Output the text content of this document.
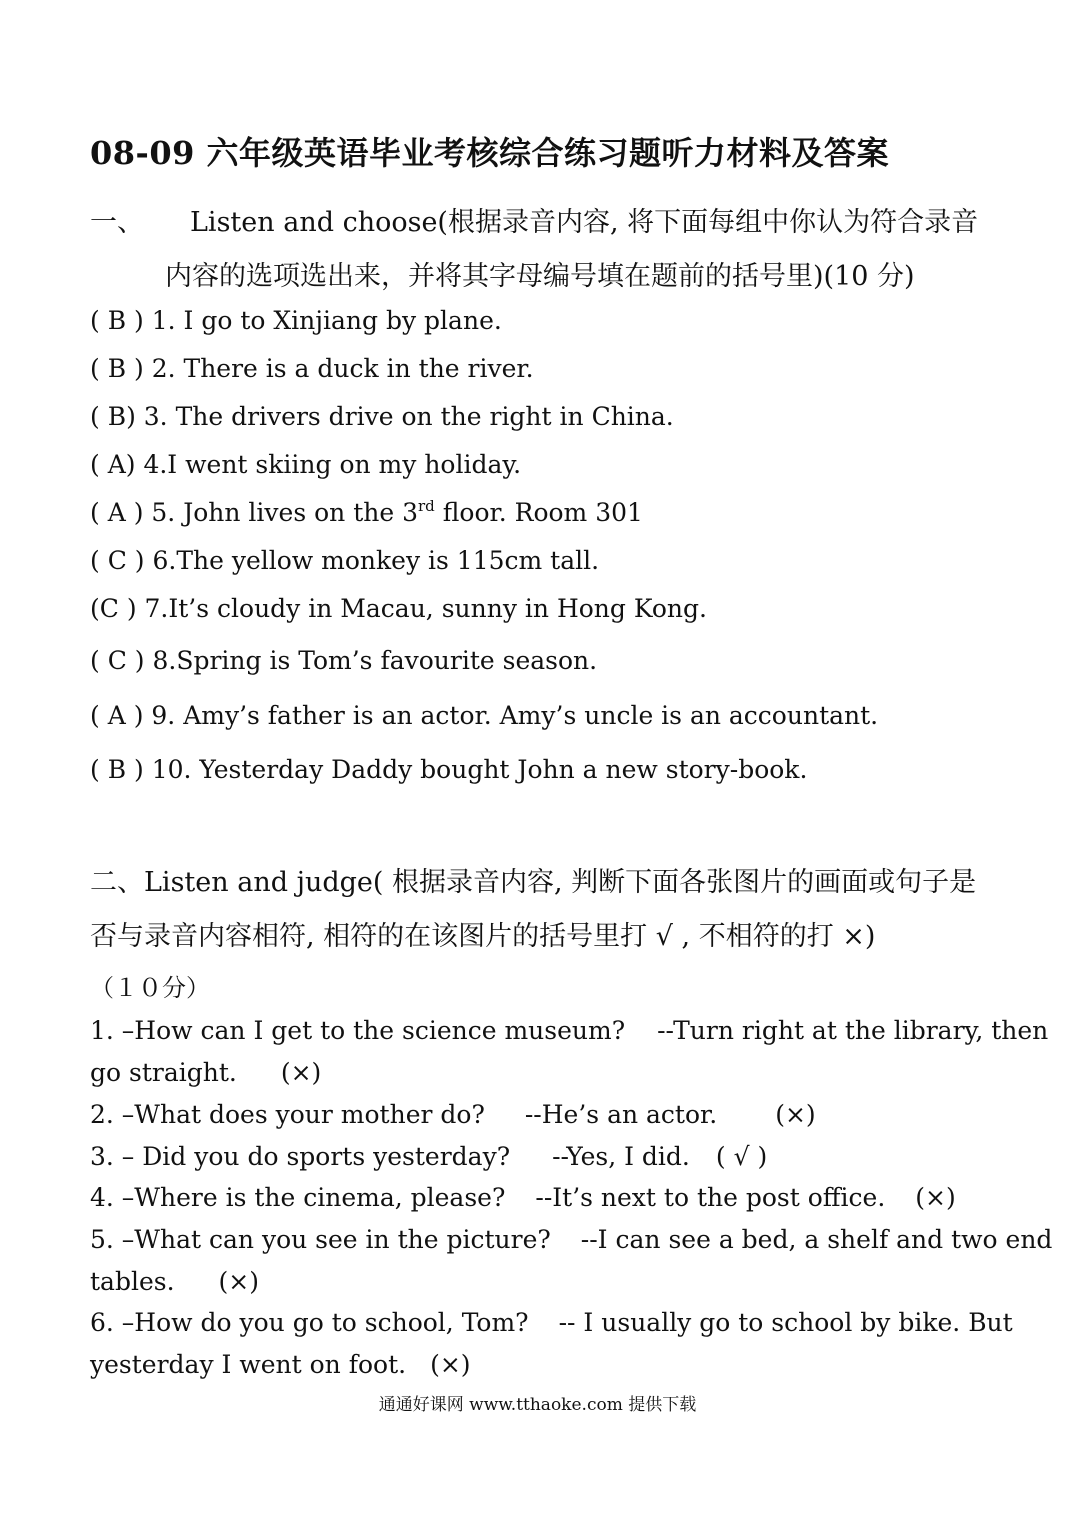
08-09 六年级英语毕业考核综合练习题听力材料及答案
一、 Listen and choose(根据录音内容, 将下面每组中你认为符合录音
内容的选项选出来，并将其字母编号填在题前的括号里)(10 分)
( B ) 1. I go to Xinjiang by plane.
( B ) 2. There is a duck in the river.
( B) 3. The drivers drive on the right in China.
( A) 4.I went skiing on my holiday.
( A ) 5. John lives on the 3rd floor. Room 301
( C ) 6.The yellow monkey is 115cm tall.
(C ) 7.It’s cloudy in Macau, sunny in Hong Kong.
( C ) 8.Spring is Tom’s favourite season.
( A ) 9. Amy’s father is an actor. Amy’s uncle is an accountant.
( B ) 10. Yesterday Daddy bought John a new story-book.
二、Listen and judge( 根据录音内容, 判断下面各张图片的画面或句子是
否与录音内容相符, 相符的在该图片的括号里打 √ , 不相符的打 ×)
（１０分）
1. –How can I get to the science museum? --Turn right at the library, then
go straight. (×)
2. –What does your mother do? --He’s an actor. (×)
3. – Did you do sports yesterday? --Yes, I did. ( √ )
4. –Where is the cinema, please? --It’s next to the post office. (×)
5. –What can you see in the picture? --I can see a bed, a shelf and two end
tables. (×)
6. –How do you go to school, Tom? -- I usually go to school by bike. But
yesterday I went on foot. (×)
通通好课网 www.tthaoke.com 提供下载
